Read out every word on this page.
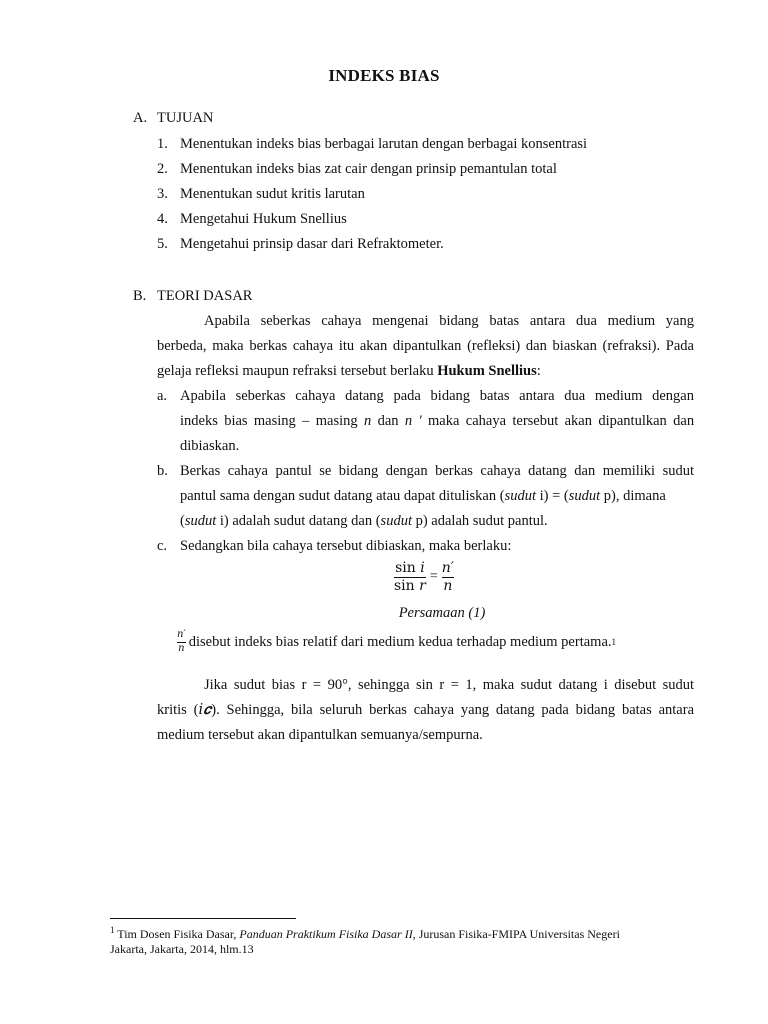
INDEKS BIAS
A. TUJUAN
1. Menentukan indeks bias berbagai larutan dengan berbagai konsentrasi
2. Menentukan indeks bias zat cair dengan prinsip pemantulan total
3. Menentukan sudut kritis larutan
4. Mengetahui Hukum Snellius
5. Mengetahui prinsip dasar dari Refraktometer.
B. TEORI DASAR
Apabila seberkas cahaya mengenai bidang batas antara dua medium yang
berbeda, maka berkas cahaya itu akan dipantulkan (refleksi) dan biaskan (refraksi). Pada
gelaja refleksi maupun refraksi tersebut berlaku Hukum Snellius:
a. Apabila seberkas cahaya datang pada bidang batas antara dua medium dengan
indeks bias masing – masing n dan n ′ maka cahaya tersebut akan dipantulkan dan
dibiaskan.
b. Berkas cahaya pantul se bidang dengan berkas cahaya datang dan memiliki sudut
pantul sama dengan sudut datang atau dapat dituliskan (sudut i) = (sudut p), dimana
(sudut i) adalah sudut datang dan (sudut p) adalah sudut pantul.
c. Sedangkan bila cahaya tersebut dibiaskan, maka berlaku:
$\frac{\text{sin 𝑖}}{\text{sin 𝑟}} = \frac{\text{𝑛′}}{\text{𝑛}}$
Persamaan (1)
$\frac{\text{𝑛′}}{\text{𝑛}}$ disebut indeks bias relatif dari medium kedua terhadap medium pertama. 1
Jika sudut bias r = 90°, sehingga sin r = 1, maka sudut datang i disebut sudut
kritis (𝑖𝒄). Sehingga, bila seluruh berkas cahaya yang datang pada bidang batas antara
medium tersebut akan dipantulkan semuanya/sempurna.
$^1$ Tim Dosen Fisika Dasar, Panduan Praktikum Fisika Dasar II, Jurusan Fisika-FMIPA Universitas Negeri
Jakarta, Jakarta, 2014, hlm.13
